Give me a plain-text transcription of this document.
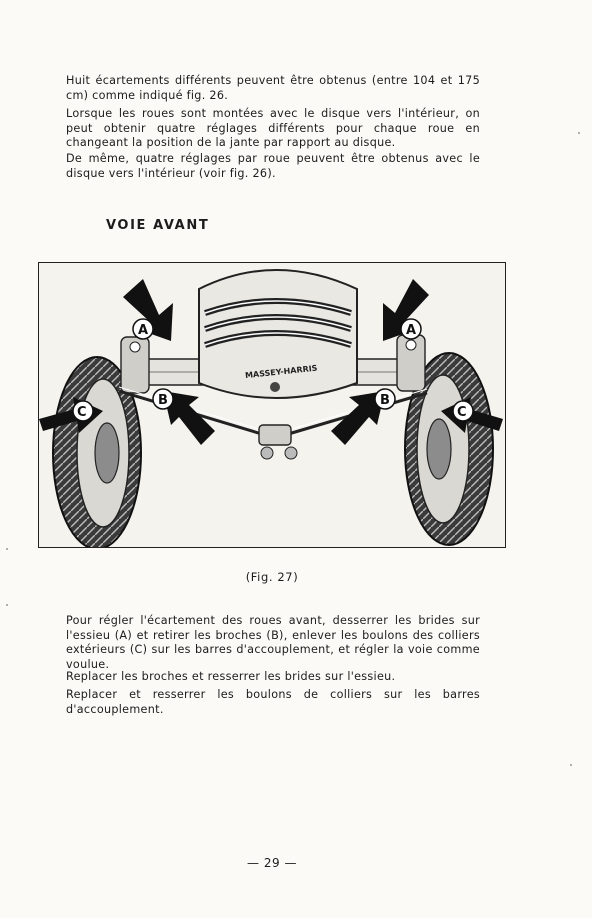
Huit écartements différents peuvent être obtenus (entre 104 et 175 cm) comme indiqué fig. 26.
Lorsque les roues sont montées avec le disque vers l'intérieur, on peut obtenir quatre réglages différents pour chaque roue en changeant la position de la jante par rapport au disque.
De même, quatre réglages par roue peuvent être obtenus avec le disque vers l'intérieur (voir fig. 26).
VOIE AVANT
MASSEY-HARRIS
A	A
B	B
C	C
(Fig. 27)
Pour régler l'écartement des roues avant, desserrer les brides sur l'essieu (A) et retirer les broches (B), enlever les boulons des colliers extérieurs (C) sur les barres d'accouplement, et régler la voie comme voulue.
Replacer les broches et resserrer les brides sur l'essieu.
Replacer et resserrer les boulons de colliers sur les barres d'accouplement.
— 29 —
